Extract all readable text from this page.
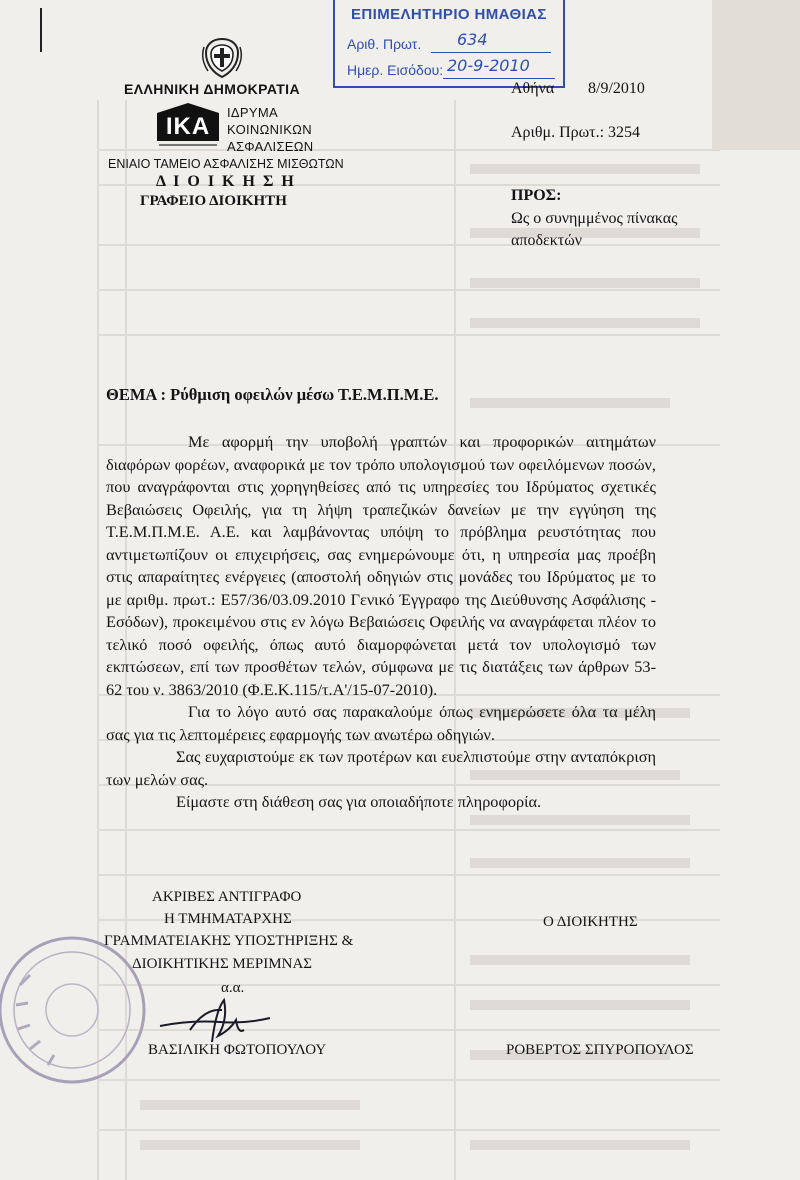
ΕΠΙΜΕΛΗΤΗΡΙΟ ΗΜΑΘΙΑΣ
Αριθ. Πρωτ. 634
Ημερ. Εισόδου: 20-9-2010
ΕΛΛΗΝΙΚΗ ΔΗΜΟΚΡΑΤΙΑ
ΙΚΑ
ΙΔΡΥΜΑ
ΚΟΙΝΩΝΙΚΩΝ
ΑΣΦΑΛΙΣΕΩΝ
ΕΝΙΑΙΟ ΤΑΜΕΙΟ ΑΣΦΑΛΙΣΗΣ ΜΙΣΘΩΤΩΝ
Δ Ι Ο Ι Κ Η Σ Η
ΓΡΑΦΕΙΟ ΔΙΟΙΚΗΤΗ
Αθήνα 8/9/2010
Αριθμ. Πρωτ.: 3254
ΠΡΟΣ:
Ως ο συνημμένος πίνακας
αποδεκτών
ΘΕΜΑ : Ρύθμιση οφειλών μέσω Τ.Ε.Μ.Π.Μ.Ε.

Με αφορμή την υποβολή γραπτών και προφορικών αιτημάτων διαφόρων φορέων, αναφορικά με τον τρόπο υπολογισμού των οφειλόμενων ποσών, που αναγράφονται στις χορηγηθείσες από τις υπηρεσίες του Ιδρύματος σχετικές Βεβαιώσεις Οφειλής, για τη λήψη τραπεζικών δανείων με την εγγύηση της Τ.Ε.Μ.Π.Μ.Ε. Α.Ε. και λαμβάνοντας υπόψη το πρόβλημα ρευστότητας που αντιμετωπίζουν οι επιχειρήσεις, σας ενημερώνουμε ότι, η υπηρεσία μας προέβη στις απαραίτητες ενέργειες (αποστολή οδηγιών στις μονάδες του Ιδρύματος με το με αριθμ. πρωτ.: Ε57/36/03.09.2010 Γενικό Έγγραφο της Διεύθυνσης Ασφάλισης - Εσόδων), προκειμένου στις εν λόγω Βεβαιώσεις Οφειλής να αναγράφεται πλέον το τελικό ποσό οφειλής, όπως αυτό διαμορφώνεται μετά τον υπολογισμό των εκπτώσεων, επί των προσθέτων τελών, σύμφωνα με τις διατάξεις των άρθρων 53-62 του ν. 3863/2010 (Φ.Ε.Κ.115/τ.Α'/15-07-2010).

Για το λόγο αυτό σας παρακαλούμε όπως ενημερώσετε όλα τα μέλη σας για τις λεπτομέρειες εφαρμογής των ανωτέρω οδηγιών.

Σας ευχαριστούμε εκ των προτέρων και ευελπιστούμε στην ανταπόκριση των μελών σας.

Είμαστε στη διάθεση σας για οποιαδήποτε πληροφορία.

ΑΚΡΙΒΕΣ ΑΝΤΙΓΡΑΦΟ
Η ΤΜΗΜΑΤΑΡΧΗΣ
ΓΡΑΜΜΑΤΕΙΑΚΗΣ ΥΠΟΣΤΗΡΙΞΗΣ &
ΔΙΟΙΚΗΤΙΚΗΣ ΜΕΡΙΜΝΑΣ
α.α.
ΒΑΣΙΛΙΚΗ ΦΩΤΟΠΟΥΛΟΥ
Ο ΔΙΟΙΚΗΤΗΣ
ΡΟΒΕΡΤΟΣ ΣΠΥΡΟΠΟΥΛΟΣ
